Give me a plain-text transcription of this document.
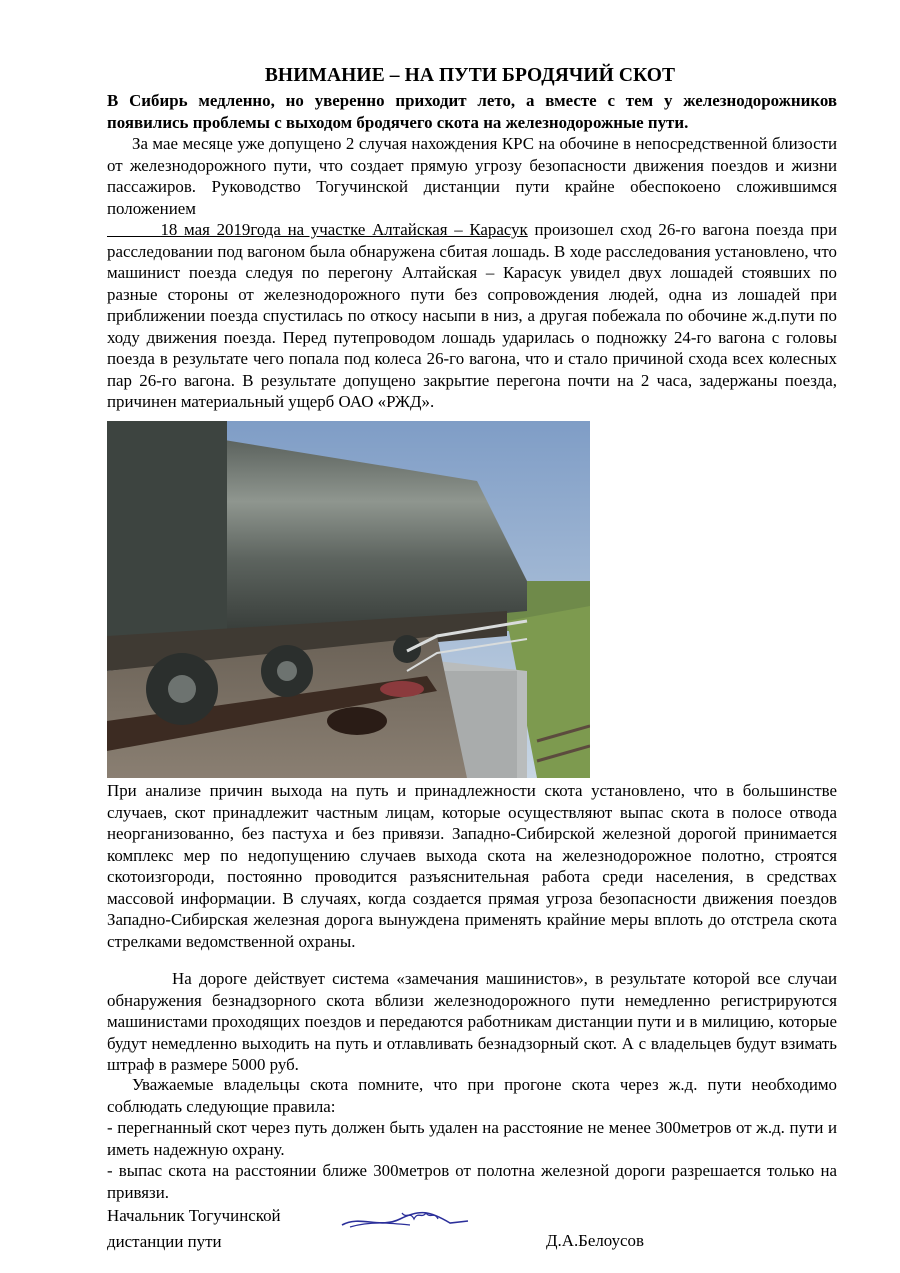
ВНИМАНИЕ – НА ПУТИ БРОДЯЧИЙ СКОТ
В Сибирь медленно, но уверенно приходит лето, а вместе с тем у железнодорожников появились проблемы с выходом бродячего скота на железнодорожные пути.
За мае месяце уже допущено 2 случая нахождения КРС на обочине в непосредственной близости от железнодорожного пути, что создает прямую угрозу безопасности движения поездов и жизни пассажиров. Руководство Тогучинской дистанции пути крайне обеспокоено сложившимся положением
18 мая 2019года на участке Алтайская – Карасук произошел сход 26-го вагона поезда при расследовании под вагоном была обнаружена сбитая лошадь. В ходе расследования установлено, что машинист поезда следуя по перегону Алтайская – Карасук увидел двух лошадей стоявших по разные стороны от железнодорожного пути без сопровождения людей, одна из лошадей при приближении поезда спустилась по откосу насыпи в низ, а другая побежала по обочине ж.д.пути по ходу движения поезда. Перед путепроводом лошадь ударилась о подножку 24-го вагона с головы поезда в результате чего попала под колеса 26-го вагона, что и стало причиной схода всех колесных пар 26-го вагона. В результате допущено закрытие перегона почти на 2 часа, задержаны поезда, причинен материальный ущерб ОАО «РЖД».
При анализе причин выхода на путь и принадлежности скота установлено, что в большинстве случаев, скот принадлежит частным лицам, которые осуществляют выпас скота в полосе отвода неорганизованно, без пастуха и без привязи. Западно-Сибирской железной дорогой принимается комплекс мер по недопущению случаев выхода скота на железнодорожное полотно, строятся скотоизгороди, постоянно проводится разъяснительная работа среди населения, в средствах массовой информации. В случаях, когда создается прямая угроза безопасности движения поездов Западно-Сибирская железная дорога вынуждена применять крайние меры вплоть до отстрела скота стрелками ведомственной охраны.
На дороге действует система «замечания машинистов», в результате которой все случаи обнаружения безнадзорного скота вблизи железнодорожного пути немедленно регистрируются машинистами проходящих поездов и передаются работникам дистанции пути и в милицию, которые будут немедленно выходить на путь и отлавливать безнадзорный скот. А с владельцев будут взимать штраф в размере 5000 руб.
Уважаемые владельцы скота помните, что при прогоне скота через ж.д. пути необходимо соблюдать следующие правила:
- перегнанный скот через путь должен быть удален на расстояние не менее 300метров от ж.д. пути и иметь надежную охрану.
- выпас скота на расстоянии ближе 300метров от полотна железной дороги разрешается только на привязи.
Начальник Тогучинской
дистанции пути	Д.А.Белоусов
